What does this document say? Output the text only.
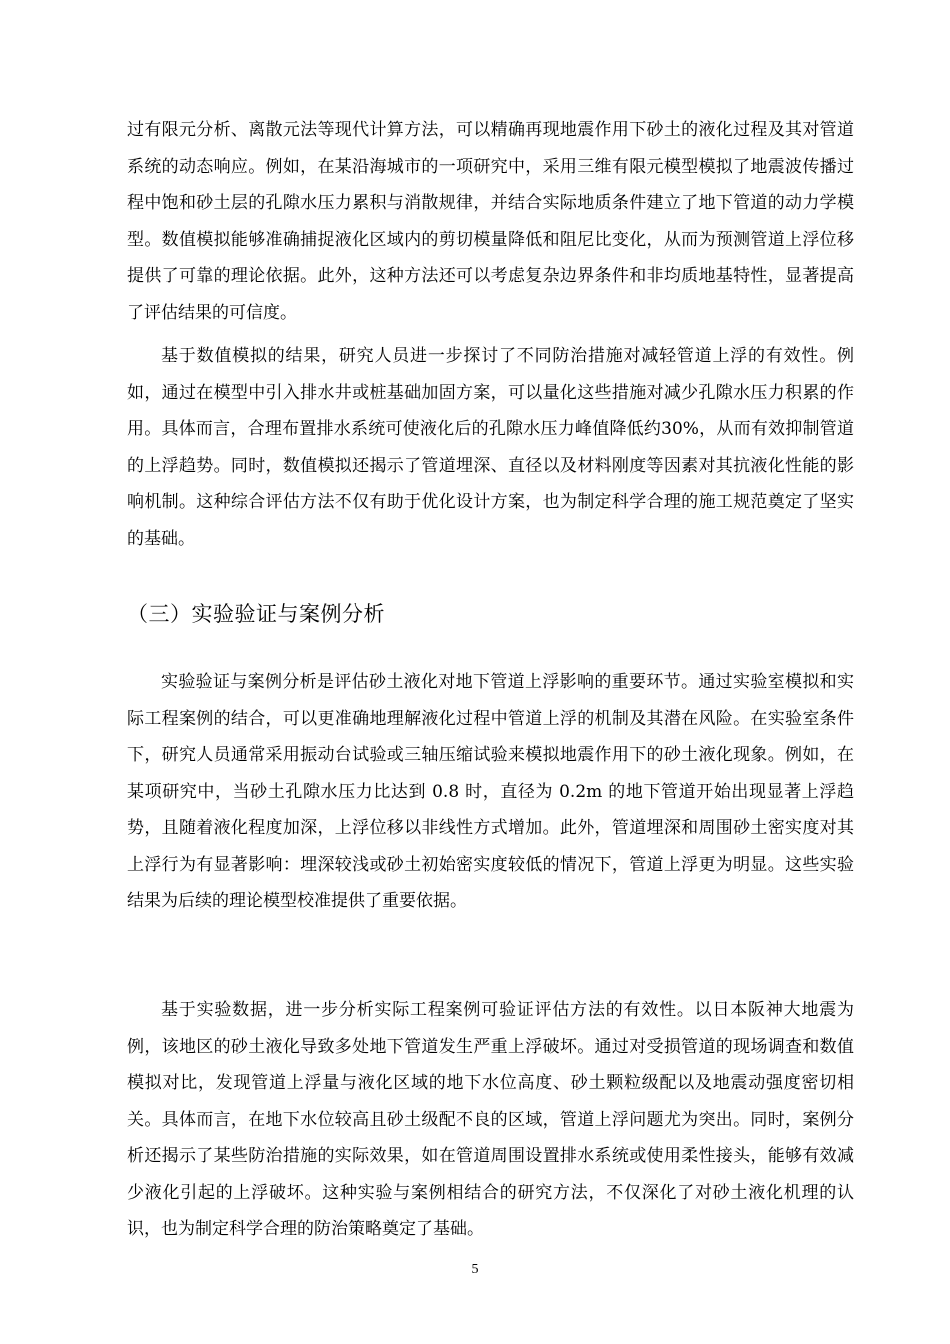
过有限元分析、离散元法等现代计算方法，可以精确再现地震作用下砂土的液化过程及其对管道系统的动态响应。例如，在某沿海城市的一项研究中，采用三维有限元模型模拟了地震波传播过程中饱和砂土层的孔隙水压力累积与消散规律，并结合实际地质条件建立了地下管道的动力学模型。数值模拟能够准确捕捉液化区域内的剪切模量降低和阻尼比变化，从而为预测管道上浮位移提供了可靠的理论依据。此外，这种方法还可以考虑复杂边界条件和非均质地基特性，显著提高了评估结果的可信度。

基于数值模拟的结果，研究人员进一步探讨了不同防治措施对减轻管道上浮的有效性。例如，通过在模型中引入排水井或桩基础加固方案，可以量化这些措施对减少孔隙水压力积累的作用。具体而言，合理布置排水系统可使液化后的孔隙水压力峰值降低约30%，从而有效抑制管道的上浮趋势。同时，数值模拟还揭示了管道埋深、直径以及材料刚度等因素对其抗液化性能的影响机制。这种综合评估方法不仅有助于优化设计方案，也为制定科学合理的施工规范奠定了坚实的基础。

（三）实验验证与案例分析

实验验证与案例分析是评估砂土液化对地下管道上浮影响的重要环节。通过实验室模拟和实际工程案例的结合，可以更准确地理解液化过程中管道上浮的机制及其潜在风险。在实验室条件下，研究人员通常采用振动台试验或三轴压缩试验来模拟地震作用下的砂土液化现象。例如，在某项研究中，当砂土孔隙水压力比达到 0.8 时，直径为 0.2m 的地下管道开始出现显著上浮趋势，且随着液化程度加深，上浮位移以非线性方式增加。此外，管道埋深和周围砂土密实度对其上浮行为有显著影响：埋深较浅或砂土初始密实度较低的情况下，管道上浮更为明显。这些实验结果为后续的理论模型校准提供了重要依据。

基于实验数据，进一步分析实际工程案例可验证评估方法的有效性。以日本阪神大地震为例，该地区的砂土液化导致多处地下管道发生严重上浮破坏。通过对受损管道的现场调查和数值模拟对比，发现管道上浮量与液化区域的地下水位高度、砂土颗粒级配以及地震动强度密切相关。具体而言，在地下水位较高且砂土级配不良的区域，管道上浮问题尤为突出。同时，案例分析还揭示了某些防治措施的实际效果，如在管道周围设置排水系统或使用柔性接头，能够有效减少液化引起的上浮破坏。这种实验与案例相结合的研究方法，不仅深化了对砂土液化机理的认识，也为制定科学合理的防治策略奠定了基础。

5
